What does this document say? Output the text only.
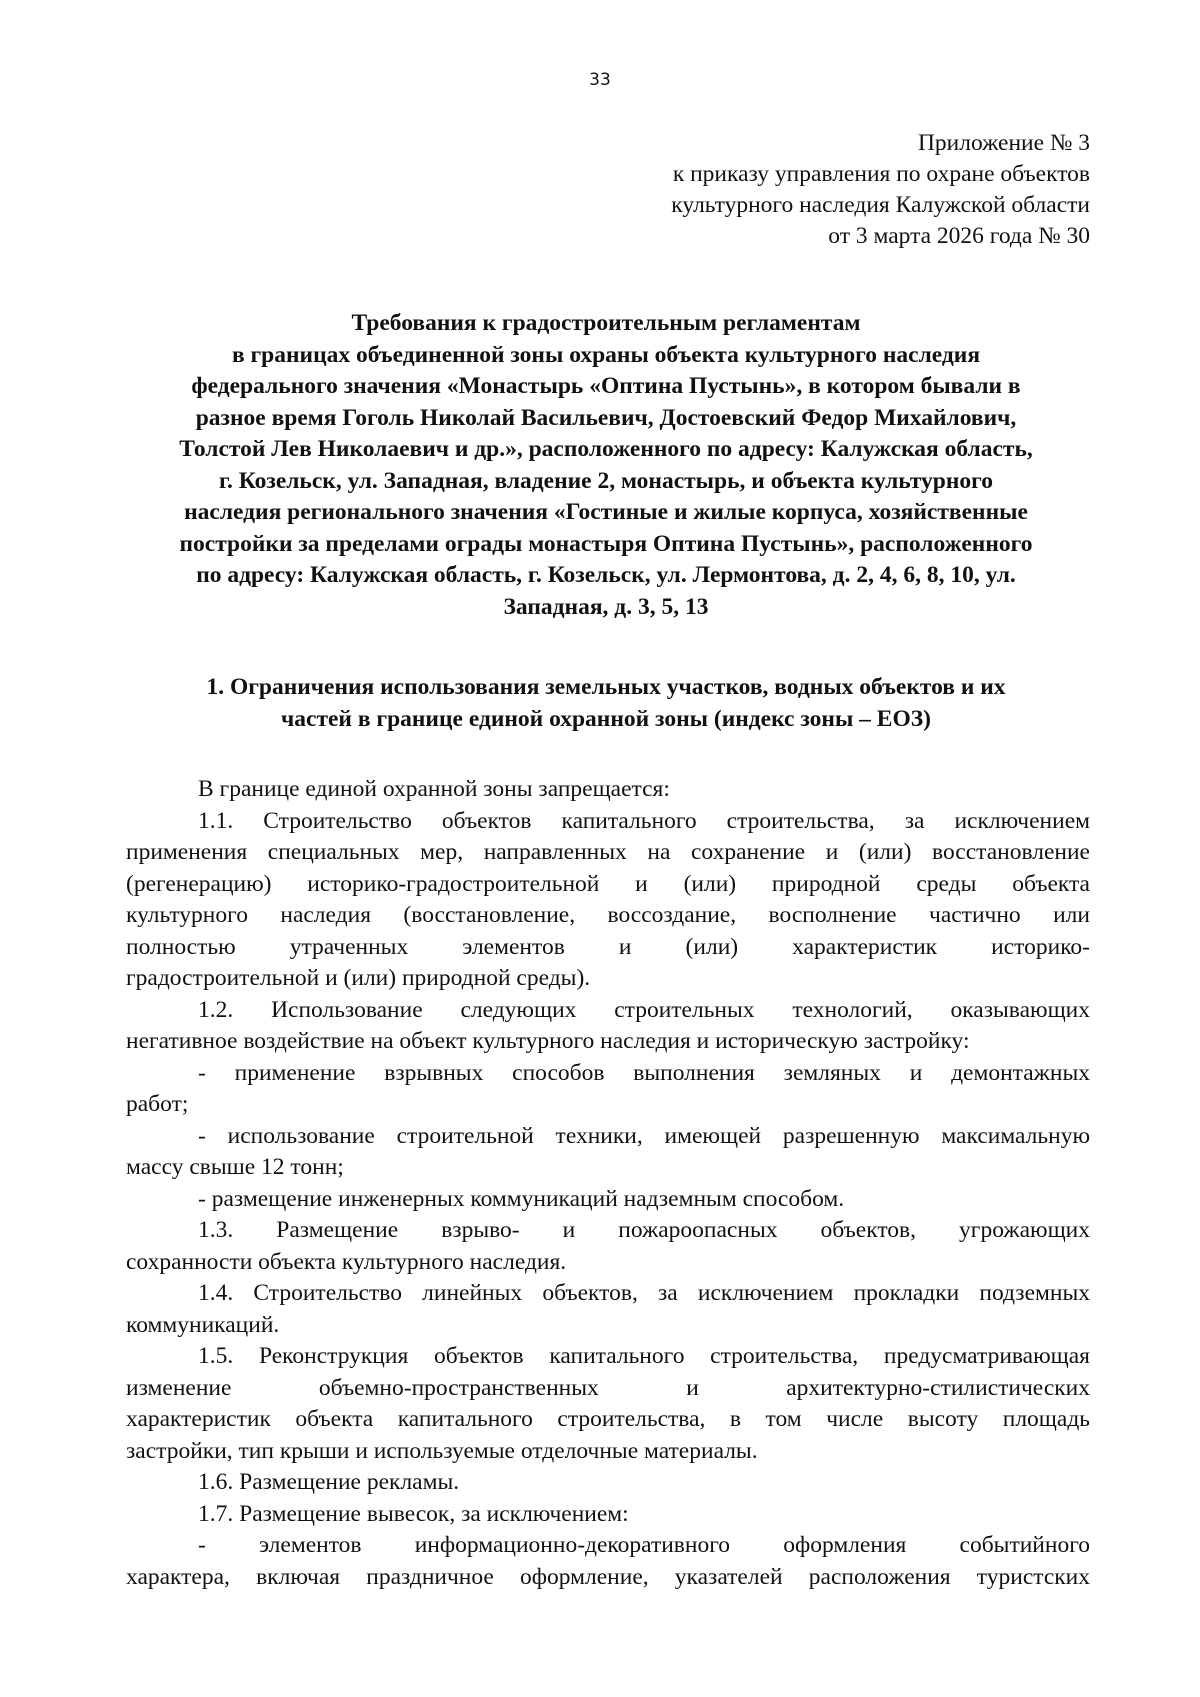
33
Приложение № 3
к приказу управления по охране объектов
культурного наследия Калужской области
от 3 марта 2026 года № 30
Требования к градостроительным регламентам
в границах объединенной зоны охраны объекта культурного наследия
федерального значения «Монастырь «Оптина Пустынь», в котором бывали в
разное время Гоголь Николай Васильевич, Достоевский Федор Михайлович,
Толстой Лев Николаевич и др.», расположенного по адресу: Калужская область,
г. Козельск, ул. Западная, владение 2, монастырь, и объекта культурного
наследия регионального значения «Гостиные и жилые корпуса, хозяйственные
постройки за пределами ограды монастыря Оптина Пустынь», расположенного
по адресу: Калужская область, г. Козельск, ул. Лермонтова, д. 2, 4, 6, 8, 10, ул.
Западная, д. 3, 5, 13
1. Ограничения использования земельных участков, водных объектов и их
частей в границе единой охранной зоны (индекс зоны – ЕОЗ)
В границе единой охранной зоны запрещается:
1.1. Строительство объектов капитального строительства, за исключением
применения специальных мер, направленных на сохранение и (или) восстановление
(регенерацию) историко-градостроительной и (или) природной среды объекта
культурного наследия (восстановление, воссоздание, восполнение частично или
полностью утраченных элементов и (или) характеристик историко-
градостроительной и (или) природной среды).
1.2. Использование следующих строительных технологий, оказывающих
негативное воздействие на объект культурного наследия и историческую застройку:
- применение взрывных способов выполнения земляных и демонтажных
работ;
- использование строительной техники, имеющей разрешенную максимальную
массу свыше 12 тонн;
- размещение инженерных коммуникаций надземным способом.
1.3. Размещение взрыво- и пожароопасных объектов, угрожающих
сохранности объекта культурного наследия.
1.4. Строительство линейных объектов, за исключением прокладки подземных
коммуникаций.
1.5. Реконструкция объектов капитального строительства, предусматривающая
изменение объемно-пространственных и архитектурно-стилистических
характеристик объекта капитального строительства, в том числе высоту площадь
застройки, тип крыши и используемые отделочные материалы.
1.6. Размещение рекламы.
1.7. Размещение вывесок, за исключением:
- элементов информационно-декоративного оформления событийного
характера, включая праздничное оформление, указателей расположения туристских
